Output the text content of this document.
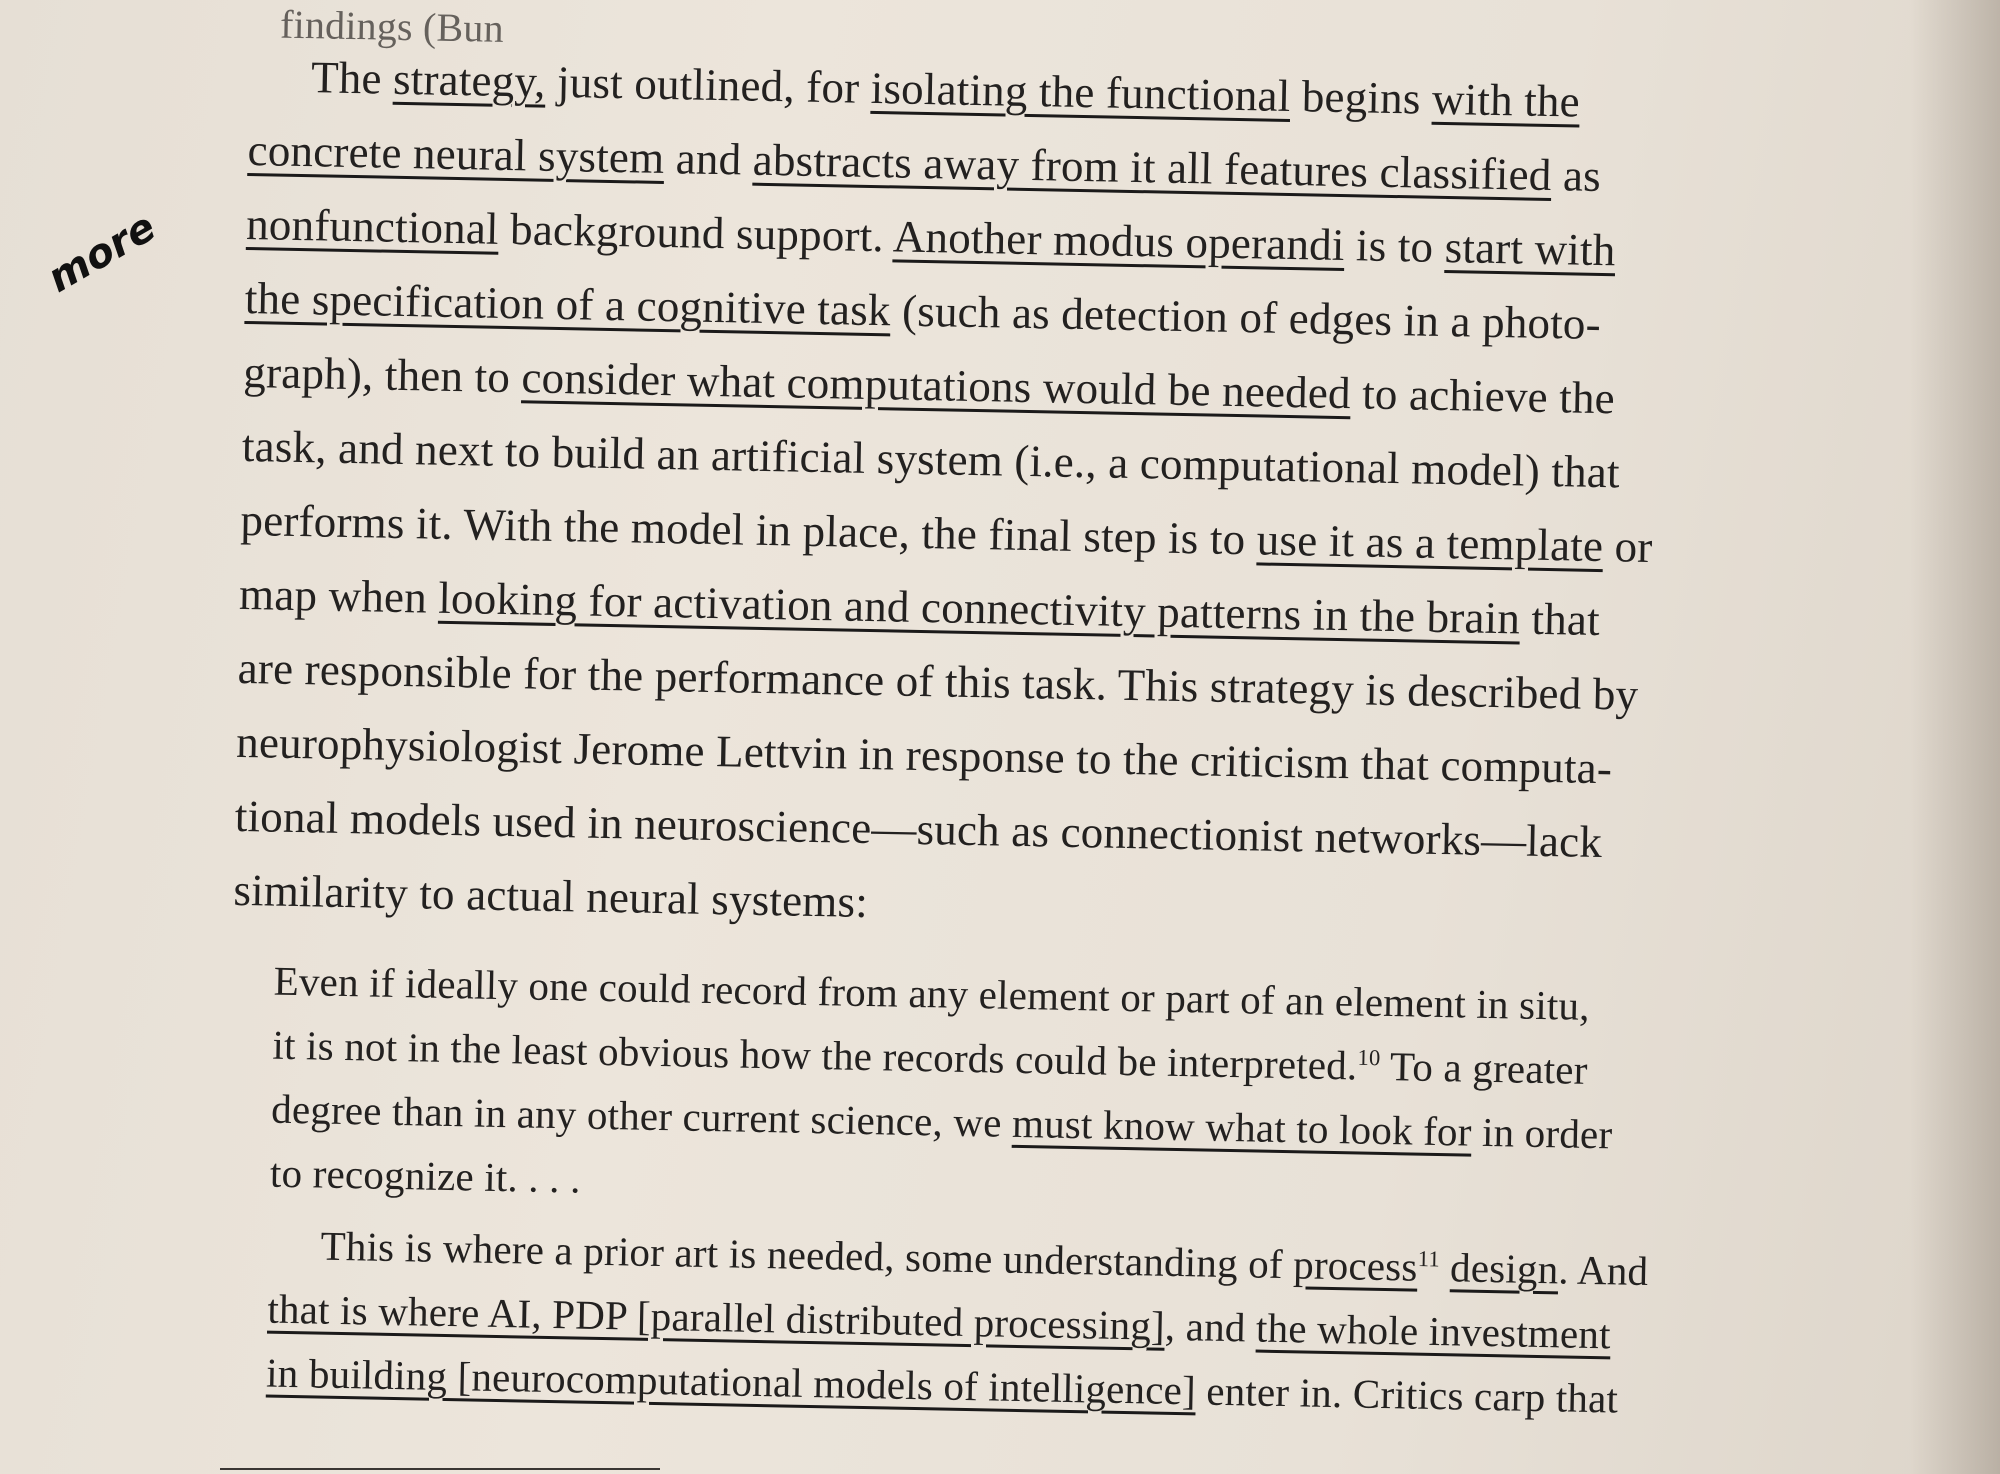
more
findings (Bun
The strategy, just outlined, for isolating the functional begins with the
concrete neural system and abstracts away from it all features classified as
nonfunctional background support. Another modus operandi is to start with
the specification of a cognitive task (such as detection of edges in a photo-
graph), then to consider what computations would be needed to achieve the
task, and next to build an artificial system (i.e., a computational model) that
performs it. With the model in place, the final step is to use it as a template or
map when looking for activation and connectivity patterns in the brain that
are responsible for the performance of this task. This strategy is described by
neurophysiologist Jerome Lettvin in response to the criticism that computa-
tional models used in neuroscience—such as connectionist networks—lack
similarity to actual neural systems:
Even if ideally one could record from any element or part of an element in situ,
it is not in the least obvious how the records could be interpreted.$^{10}$ To a greater
degree than in any other current science, we must know what to look for in order
to recognize it. . . .
This is where a prior art is needed, some understanding of process$^{11}$ design. And
that is where AI, PDP [parallel distributed processing], and the whole investment
in building [neurocomputational models of intelligence] enter in. Critics carp that
